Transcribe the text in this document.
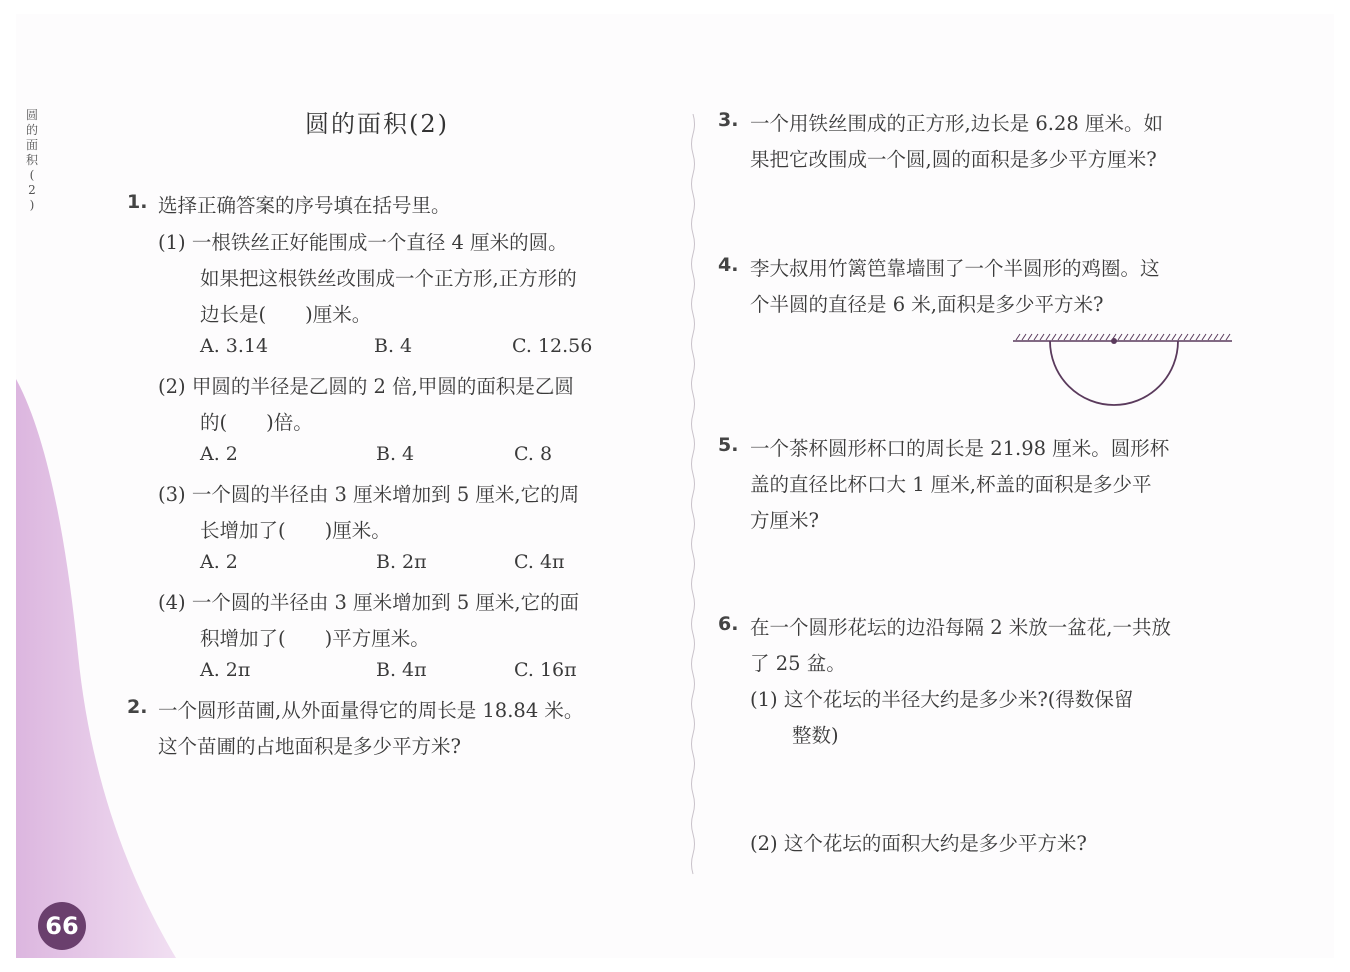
圆
的
面
积
(
2
)
66
圆的面积(2)
1. 选择正确答案的序号填在括号里。
(1) 一根铁丝正好能围成一个直径 4 厘米的圆。
如果把这根铁丝改围成一个正方形,正方形的
边长是(　　)厘米。
A. 3.14	B. 4	C. 12.56
(2) 甲圆的半径是乙圆的 2 倍,甲圆的面积是乙圆
的(　　)倍。
A. 2	B. 4	C. 8
(3) 一个圆的半径由 3 厘米增加到 5 厘米,它的周
长增加了(　　)厘米。
A. 2	B. 2π	C. 4π
(4) 一个圆的半径由 3 厘米增加到 5 厘米,它的面
积增加了(　　)平方厘米。
A. 2π	B. 4π	C. 16π
2. 一个圆形苗圃,从外面量得它的周长是 18.84 米。
这个苗圃的占地面积是多少平方米?
3. 一个用铁丝围成的正方形,边长是 6.28 厘米。如
果把它改围成一个圆,圆的面积是多少平方厘米?
4. 李大叔用竹篱笆靠墙围了一个半圆形的鸡圈。这
个半圆的直径是 6 米,面积是多少平方米?
5. 一个茶杯圆形杯口的周长是 21.98 厘米。圆形杯
盖的直径比杯口大 1 厘米,杯盖的面积是多少平
方厘米?
6. 在一个圆形花坛的边沿每隔 2 米放一盆花,一共放
了 25 盆。
(1) 这个花坛的半径大约是多少米?(得数保留
整数)
(2) 这个花坛的面积大约是多少平方米?
